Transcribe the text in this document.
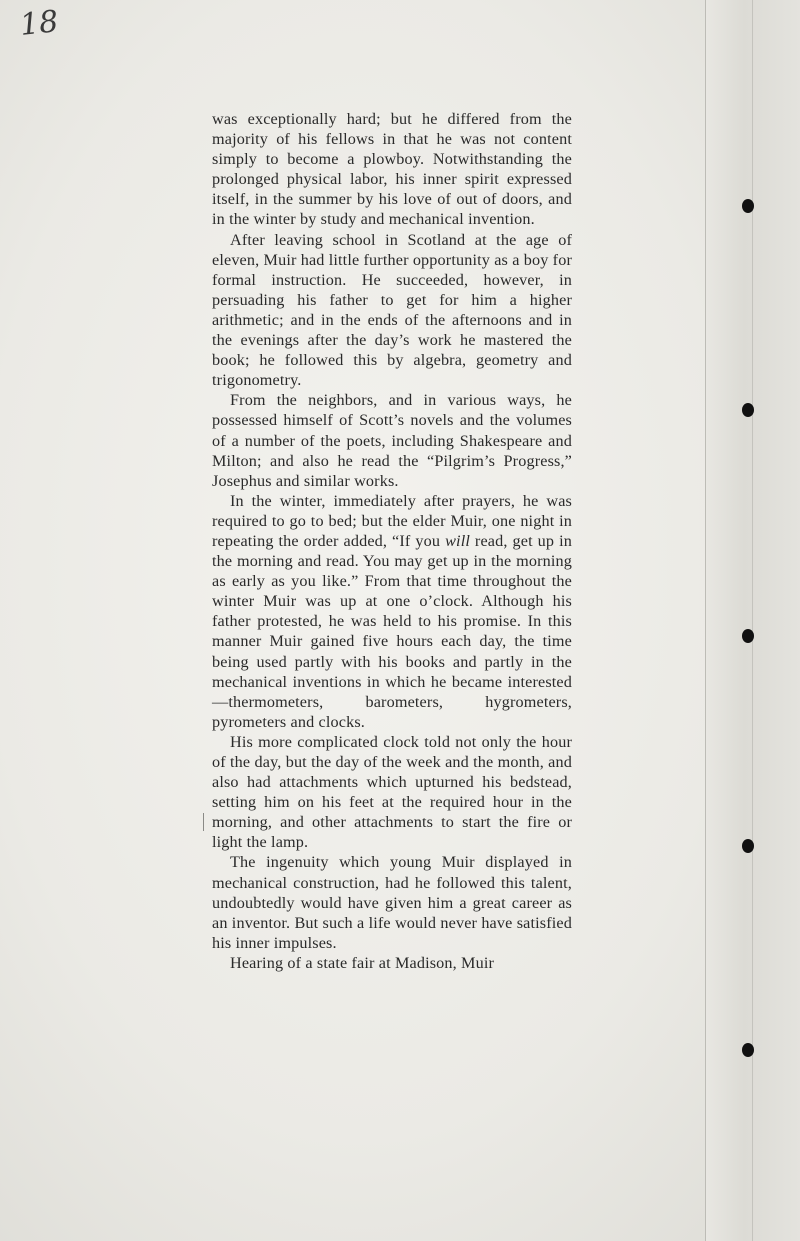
18

was exceptionally hard; but he differed from the majority of his fellows in that he was not content simply to become a plowboy. Notwithstanding the prolonged physical labor, his inner spirit expressed itself, in the summer by his love of out of doors, and in the winter by study and mechanical invention.

After leaving school in Scotland at the age of eleven, Muir had little further opportunity as a boy for formal instruction. He succeeded, however, in persuading his father to get for him a higher arithmetic; and in the ends of the afternoons and in the evenings after the day’s work he mastered the book; he followed this by algebra, geometry and trigonometry.

From the neighbors, and in various ways, he possessed himself of Scott’s novels and the volumes of a number of the poets, including Shakespeare and Milton; and also he read the “Pilgrim’s Progress,” Josephus and similar works.

In the winter, immediately after prayers, he was required to go to bed; but the elder Muir, one night in repeating the order added, “If you will read, get up in the morning and read. You may get up in the morning as early as you like.” From that time throughout the winter Muir was up at one o’clock. Although his father protested, he was held to his promise. In this manner Muir gained five hours each day, the time being used partly with his books and partly in the mechanical inventions in which he became interested—thermometers, barometers, hygrometers, pyrometers and clocks.

His more complicated clock told not only the hour of the day, but the day of the week and the month, and also had attachments which upturned his bedstead, setting him on his feet at the required hour in the morning, and other attachments to start the fire or light the lamp.

The ingenuity which young Muir displayed in mechanical construction, had he followed this talent, undoubtedly would have given him a great career as an inventor. But such a life would never have satisfied his inner impulses.

Hearing of a state fair at Madison, Muir
